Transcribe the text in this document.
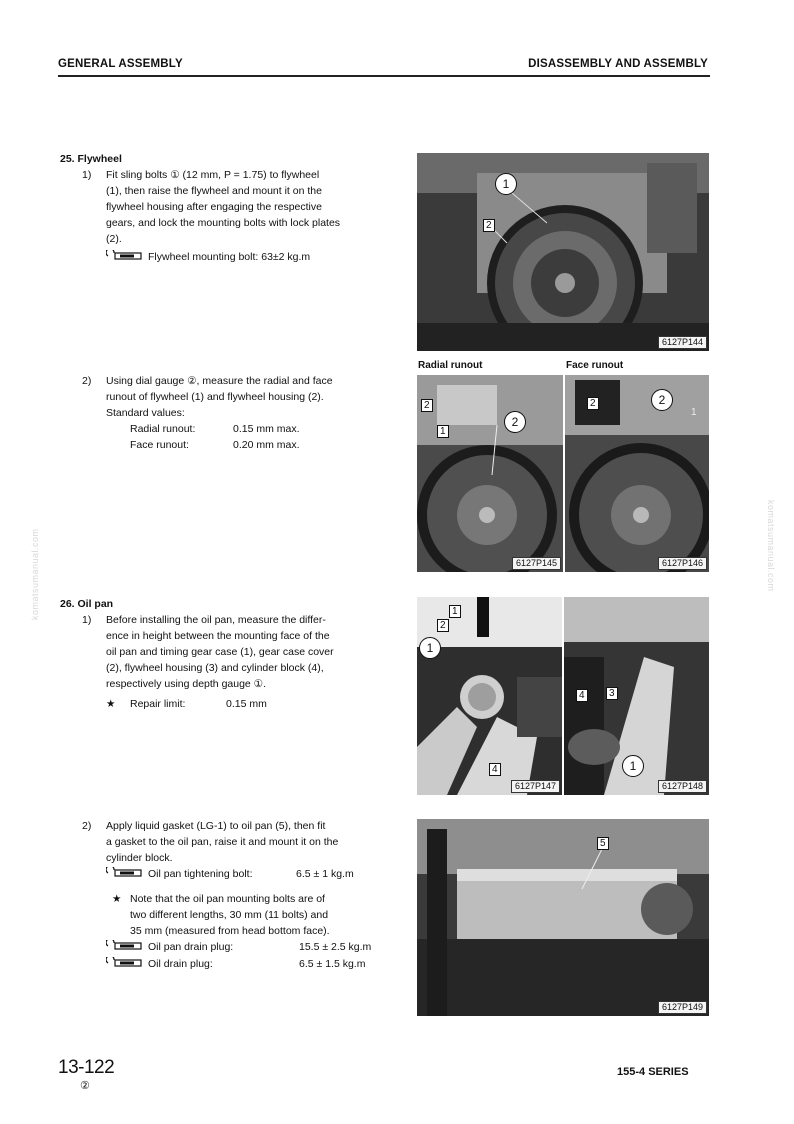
GENERAL ASSEMBLY	DISASSEMBLY AND ASSEMBLY
komatsumanual.com	komatsumanual.com
25. Flywheel
1) Fit sling bolts ① (12 mm, P = 1.75) to flywheel
(1), then raise the flywheel and mount it on the
flywheel housing after engaging the respective
gears, and lock the mounting bolts with lock plates
(2).
Flywheel mounting bolt: 63±2 kg.m
2) Using dial gauge ②, measure the radial and face
runout of flywheel (1) and flywheel housing (2).
Standard values:
Radial runout:	0.15 mm max.
Face runout:	0.20 mm max.
26. Oil pan
1) Before installing the oil pan, measure the differ-
ence in height between the mounting face of the
oil pan and timing gear case (1), gear case cover
(2), flywheel housing (3) and cylinder block (4),
respectively using depth gauge ①.
★ Repair limit:	0.15 mm
2) Apply liquid gasket (LG-1) to oil pan (5), then fit
a gasket to the oil pan, raise it and mount it on the
cylinder block.
Oil pan tightening bolt:	6.5 ± 1 kg.m
★ Note that the oil pan mounting bolts are of
two different lengths, 30 mm (11 bolts) and
35 mm (measured from head bottom face).
Oil pan drain plug:	15.5 ± 2.5 kg.m
Oil drain plug:	6.5 ± 1.5 kg.m
1
2
6127P144
Radial runout	Face runout
2
1
2
6127P145
2
2
1
6127P146
1
2
1
4
6127P147
4	3
1
6127P148
5
6127P149
13-122
②
155-4 SERIES
